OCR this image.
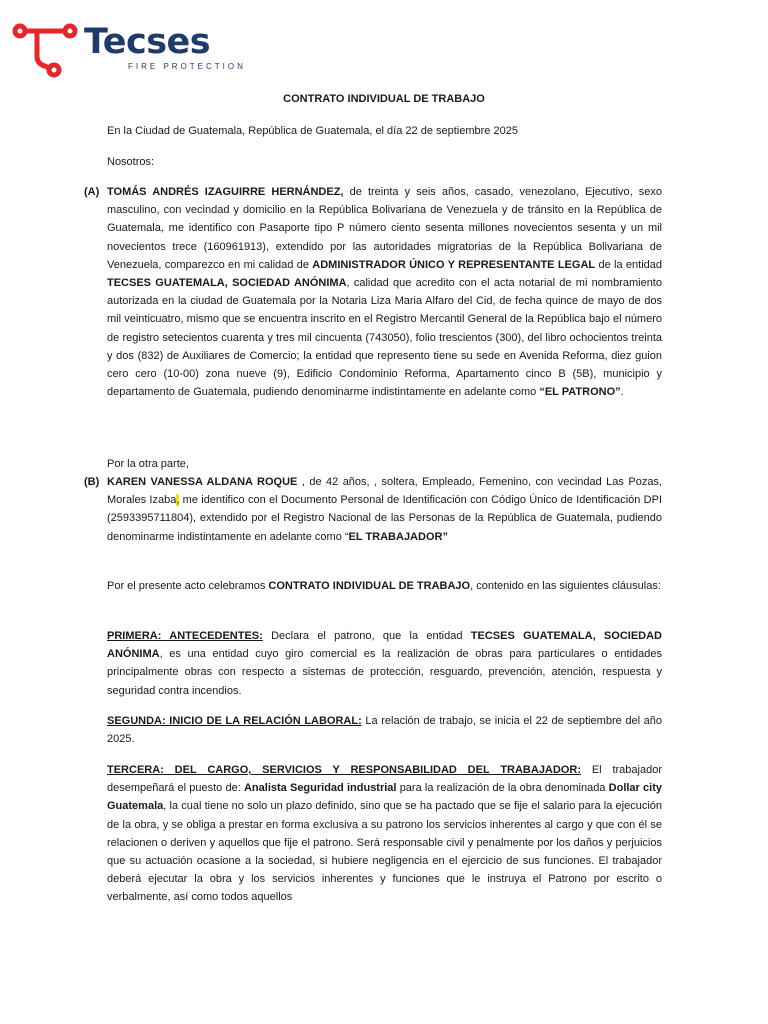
Tecses
FIRE PROTECTION
CONTRATO INDIVIDUAL DE TRABAJO

En la Ciudad de Guatemala, República de Guatemala, el día 22 de septiembre 2025

Nosotros:

(A) TOMÁS ANDRÉS IZAGUIRRE HERNÁNDEZ, de treinta y seis años, casado, venezolano, Ejecutivo, sexo masculino, con vecindad y domicilio en la República Bolivariana de Venezuela y de tránsito en la República de Guatemala, me identifico con Pasaporte tipo P número ciento sesenta millones novecientos sesenta y un mil novecientos trece (160961913), extendido por las autoridades migratorias de la República Bolivariana de Venezuela, comparezco en mi calidad de ADMINISTRADOR ÚNICO Y REPRESENTANTE LEGAL de la entidad TECSES GUATEMALA, SOCIEDAD ANÓNIMA, calidad que acredito con el acta notarial de mi nombramiento autorizada en la ciudad de Guatemala por la Notaria Liza Maria Alfaro del Cid, de fecha quince de mayo de dos mil veinticuatro, mismo que se encuentra inscrito en el Registro Mercantil General de la República bajo el número de registro setecientos cuarenta y tres mil cincuenta (743050), folio trescientos (300), del libro ochocientos treinta y dos (832) de Auxiliares de Comercio; la entidad que represento tiene su sede en Avenida Reforma, diez guion cero cero (10-00) zona nueve (9), Edificio Condominio Reforma, Apartamento cinco B (5B), municipio y departamento de Guatemala, pudiendo denominarme indistintamente en adelante como “EL PATRONO”.

Por la otra parte,

(B) KAREN VANESSA ALDANA ROQUE , de 42 años, , soltera, Empleado, Femenino, con vecindad Las Pozas, Morales Izaba, me identifico con el Documento Personal de Identificación con Código Único de Identificación DPI (2593395711804), extendido por el Registro Nacional de las Personas de la República de Guatemala, pudiendo denominarme indistintamente en adelante como “EL TRABAJADOR”

Por el presente acto celebramos CONTRATO INDIVIDUAL DE TRABAJO, contenido en las siguientes cláusulas:

PRIMERA: ANTECEDENTES: Declara el patrono, que la entidad TECSES GUATEMALA, SOCIEDAD ANÓNIMA, es una entidad cuyo giro comercial es la realización de obras para particulares o entidades principalmente obras con respecto a sistemas de protección, resguardo, prevención, atención, respuesta y seguridad contra incendios.

SEGUNDA: INICIO DE LA RELACIÓN LABORAL: La relación de trabajo, se inicia el 22 de septiembre del año 2025.

TERCERA: DEL CARGO, SERVICIOS Y RESPONSABILIDAD DEL TRABAJADOR: El trabajador desempeñará el puesto de: Analista Seguridad industrial para la realización de la obra denominada Dollar city Guatemala, la cual tiene no solo un plazo definido, sino que se ha pactado que se fije el salario para la ejecución de la obra, y se obliga a prestar en forma exclusiva a su patrono los servicios inherentes al cargo y que con él se relacionen o deriven y aquellos que fije el patrono. Será responsable civil y penalmente por los daños y perjuicios que su actuación ocasione a la sociedad, si hubiere negligencia en el ejercicio de sus funciones. El trabajador deberá ejecutar la obra y los servicios inherentes y funciones que le instruya el Patrono por escrito o verbalmente, así como todos aquellos
